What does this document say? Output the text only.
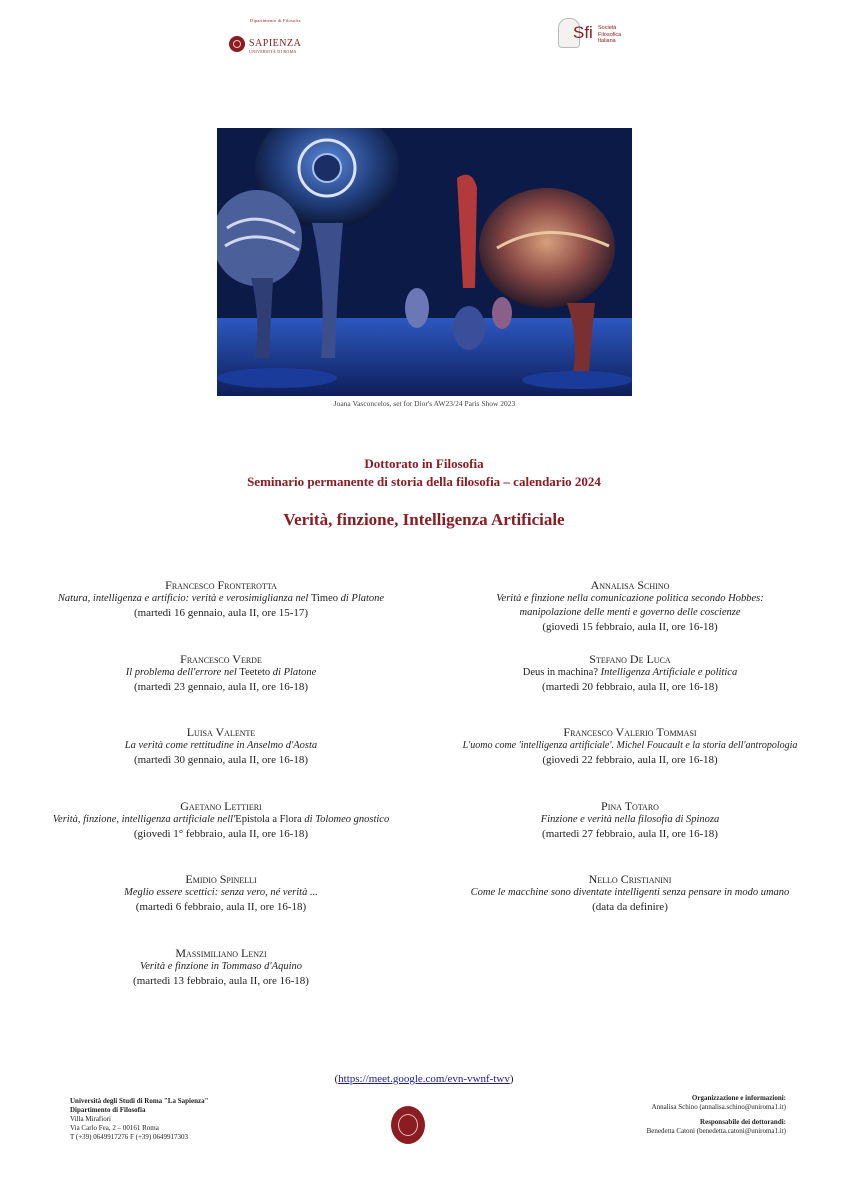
Dipartimento di Filosofia
SAPIENZA
UNIVERSITÀ DI ROMA
Sfi Società
Filosofica
Italiana
Joana Vasconcelos, set for Dior's AW23/24 Paris Show 2023
Dottorato in Filosofia
Seminario permanente di storia della filosofia – calendario 2024
Verità, finzione, Intelligenza Artificiale
Francesco Fronterotta
Natura, intelligenza e artificio: verità e verosimiglianza nel Timeo di Platone
(martedì 16 gennaio, aula II, ore 15-17)
Francesco Verde
Il problema dell'errore nel Teeteto di Platone
(martedì 23 gennaio, aula II, ore 16-18)
Luisa Valente
La verità come rettitudine in Anselmo d'Aosta
(martedì 30 gennaio, aula II, ore 16-18)
Gaetano Lettieri
Verità, finzione, intelligenza artificiale nell'Epistola a Flora di Tolomeo gnostico
(giovedì 1° febbraio, aula II, ore 16-18)
Emidio Spinelli
Meglio essere scettici: senza vero, né verità ...
(martedì 6 febbraio, aula II, ore 16-18)
Massimiliano Lenzi
Verità e finzione in Tommaso d'Aquino
(martedì 13 febbraio, aula II, ore 16-18)
Annalisa Schino
Verità e finzione nella comunicazione politica secondo Hobbes:
manipolazione delle menti e governo delle coscienze
(giovedì 15 febbraio, aula II, ore 16-18)
Stefano De Luca
Deus in machina? Intelligenza Artificiale e politica
(martedì 20 febbraio, aula II, ore 16-18)
Francesco Valerio Tommasi
L'uomo come 'intelligenza artificiale'. Michel Foucault e la storia dell'antropologia
(giovedì 22 febbraio, aula II, ore 16-18)
Pina Totaro
Finzione e verità nella filosofia di Spinoza
(martedì 27 febbraio, aula II, ore 16-18)
Nello Cristianini
Come le macchine sono diventate intelligenti senza pensare in modo umano
(data da definire)
(https://meet.google.com/evn-vwnf-twv)
Università degli Studi di Roma "La Sapienza"
Dipartimento di Filosofia
Villa Mirafiori
Via Carlo Fea, 2 – 00161 Roma
T (+39) 0649917276 F (+39) 0649917303
Organizzazione e informazioni:
Annalisa Schino (annalisa.schino@uniroma1.it)
Responsabile dei dottorandi:
Benedetta Catoni (benedetta.catoni@uniroma1.it)
